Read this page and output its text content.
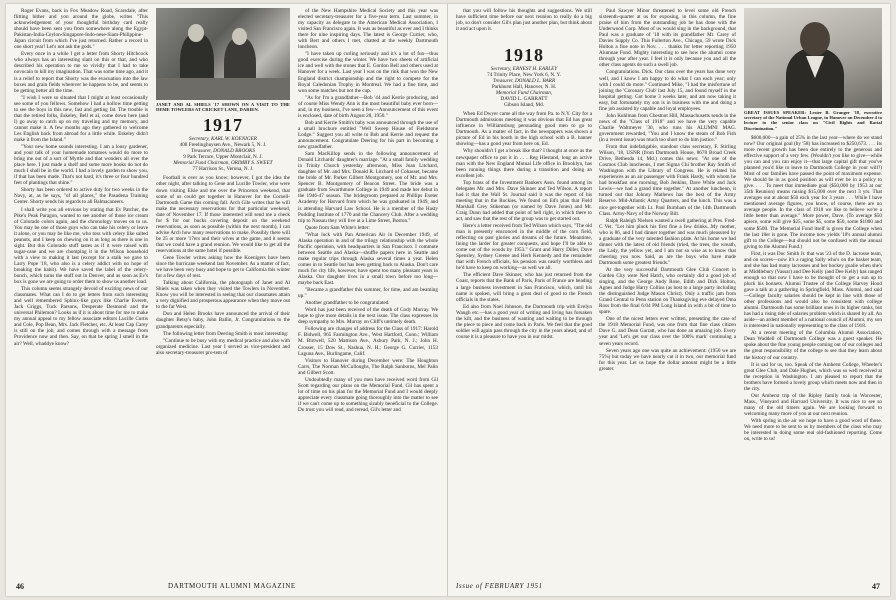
Roger Evans, back in Fox Meadow Road, Scarsdale, after flitting hither and yon around the globe, writes "This acknowledgement of your thoughtful birthday card really should have been sent you from somewhere along the Egypt-Pakistan-India-Ceylon-Singapore-Indo-nese-Siam-Philippine-Japan circuit from which I've just returned. Rather a record in one short year! Let's not ask the gods."

Every once in a while I get a letter from Shorty Hitchcock who always has an interesting slant on this or that, and who described his operation to me so vividly that I had to take novocain to kill my imagination. That was some time ago, and it is a relief to report that Shorty was the evacuation into the law boxes and grain fields wherever he happens to be, and seems to be getting better all the time.

"I wish I were so situated that I might at least occasionally see some of you fellows. Somehow I had a hollow time getting to see the boys in this new, fast and getting fat. The trouble is that the retired folks, Eskeley, Bell et al, come down here (and I) go away to catch up on my traveling and my memory, and cannot make it. A few months ago they gathered to welcome Les English back from abroad for a little while. Eskeley didn't make it from the Island."

"Your new home sounds interesting. I am a lousy gardener, and your talk of your homemade tomatoes would do more to bring me out of a sort of Myrtle and that wonders all over the place here. I just made a shelf and some more books do not do much I shall be in the world. I had a lovely garden to show you, if that has been made. That's not hard, it's three or four hundred feet of plantings that shine."

Shorty has been ordered to active duty for two weeks in the Navy, at, as he says, "of all places," the Pasadena Training Center. Shorty sends his regards to all Balmacaneers.

I shall write you all envious by stating that Ev Patcher, the Pike's Peak Paragon, wanted to see another of those ice cream of Colorado colors again, and the chronology moves on to us. You may be one of those guys who can take his celery or leave it alone, or you may be like me, who toss with celery like salted peanuts, and I keep on chewing on it as long as there is one in sight. But this Colorado stuff tastes as if it were raised with sugar-cane and we are chomping it in the Wilson household with a view to making it last (except for a stalk we gave to Larry Pope '18, who also is a celery addict with no hope of breaking the habit). We have saved the label of the celery-bunch, which turns the stuff out in Denver, and as soon as Ev's box is gone we are going to order them to show us another load.

This column seems strangely devoid of exciting news of our classmates. What can I do to get letters from such interesting and well remembered Sphinx-like guys like Charlie Everett, Jack Griggs, Tuck Parsons, Desperate Desmond and the universal Philemon? Looks as if it is about time for me to make my annual appeal to my fellow associate editors Lucille Curtis and Cole, Pop Bean, Mrs. Jack Fletcher, etc. At least Cap Carey is still on the job, and comes through with a message from Providence now and then. Say, on that be spring I smell in the air? Well, whaddye know?

JANET AND AL SHIELS '17 SHOWN ON A VISIT TO THE DEME TOWLERS AT CRICKET LANE, DARIEN.
1917
Secretary, KARL W. KOENIGER
408 Freelinghuysen Ave., Newark 5, N. J.
Treasurer, DONALD BROOKS
9 Park Terrace, Upper Montclair, N. J.
Memorial Fund Chairman, ORIMBY S. SWEET
77 Harrison St., Verona, N. J.

Football is over as you know; however, I got the idea the other night, after talking to Gene and Lucille Towler, who were down visiting Elsie and me over the Princeton weekend, that some of us could get together in Hanover for the Cornell-Dartmouth Game this coming fall. Arch Gile writes that he will make the necessary reservations for that particular weekend, date of November 17. If those interested will send me a check for $ for our bucks covering deposit on the weekend reservations, as soon as possible (within the next month), I can advise Arch how many reservations to make. Possibly there will be 25 or more '17ers and their wives at the game, and it seems that we could have a grand reunion. We would like to get all the reservations at the same hotel if possible.

Gene Towler writes asking how the Koenigers have been since the hurricane weekend last November. As a matter of fact, we have been very busy and hope to get to California this winter for a few days of rest.

Talking about California, the photograph of Janet and Al Shiels was taken when they visited the Towlers in November. Know you will be interested in seeing that our classmates attain a very dignified and prosperous appearance when they move out to the far West.

Don and Helen Brooks have announced the arrival of their daughter Betsy's baby, John Ballin, Jr. Congratulations to the grandparents especially.

The following letter from Deering Smith is most interesting:

"Continue to be busy with my medical practice and also with organized medicine. Last year I served as vice-president and also secretary-treasurer pro-tem of

of the New Hampshire Medical Society and this year was elected secretary-treasurer for a five-year term. Last summer, in my capacity as delegate to the American Medical Association, I visited San Francisco again. It was as beautiful as ever and I thinks there for nine inspiring days. The latest is George Currier, who, with Bert and others I met, chatted at the weekly Dartmouth luncheon.

"I have taken up curling seriously and it's a lot of fun—thus good exercise during the winter. We have two sheets of artificial ice and well with the stones that E. Gordon Bell and others used at Hanover for a week. Last year I was on the rink that won the New England district championship and the right to compete for the Royal Caledonian Trophy in Montreal. We had a fine time, and won some matches but not the cup.

"As for I'm a grandfather—Bob '44 and Kerrie producing, and of course Miss Wendy Ann is the most beautiful baby ever born—and, in my business, I've seen a few—Announcement of this event is enclosed, date of birth August 28, 1950."

Bob and Kerrie Smith's baby was announced through the use of a small brochure entitled "Well Sweep House of Fieldstone Lodge." Suggest you all write to Bob and Kerrie and request the announcement. Congratulate Deering for his part in becoming a new grandfather.

Sam MacKillop sends in the following announcement of Donald Litchards' daughter's marriage. "At a small family wedding in Trinity Church yesterday afternoon, Miss Joan Litchard, daughter of Mr. and Mrs. Donald R. Litchard of Cohasset, became the bride of Mr. Parker Gilbert Montgomery, son of Mr. and Mrs. Spencer B. Montgomery of Beacon Street. The bride was a graduate from Swarthmore College in 1949 and made her debut in the 1946-47 season. The bridegroom prepared at Phillips Exeter Academy for Harvard from which he was graduated in 1949, and is attending Harvard Law School. He is a member of the Hasty Pudding Institute of 1770 and the Chancery Club. After a wedding trip to Nassau they will live at a Lime Street, Boston."

Quote from Sam White's letter:

"What luck with Pan American Air in December 1949, of Alaska operation in and of the trilogy relationship with the whole Pacific operation, with headquarters in San Francisco. I commute between Seattle and Alaska—shuffle papers here in Seattle and make regular trips through Alaska several times a year. Helen comes in to Seattle but has been getting back to Alaska. Don't care much for city life, however, have spent too many pleasant years in Alaska. Our daughter lives in a small town before too long—maybe back East.

"Became a grandfather this summer, for time, and am beaming up."

Another grandfather to be congratulated.

Word has just been received of the death of Cody Murray. We hope to give more details in the next issue. The class expresses its deep sympathy to Mrs. Murray on Cliff's untimely death.

Following are changes of address for the Class of 1917: Harold F. Bidwell, 965 Farmington Ave., West Hartford, Conn.; William M. Birtwell, 520 Mattison Ave., Asbury Park, N. J.; John H. Crosser, 15 Dow St., Nashua, N. H.; George G. Currier, 1153 Laguna Ave., Burlingame, Calif.

Visitors to Hanover during December were: The Houghton Carrs, The Norman McCulloughs, The Ralph Sanborns, Mel Palin and Gilbert Scott.

Undoubtedly many of you men have received word from Gil Scott regarding our plans on the Memorial Fund. Gil has spent a lot of time on his plan for the Memorial Fund and I would deeply appreciate every classmate going thoroughly into the matter to see if we can't come up to something sizably beneficial to the College. Do trust you will read, and reread, Gil's letter and

46	DARTMOUTH ALUMNI MAGAZINE

that you will follow his thoughts and suggestions. We still have sufficient time before our next reunion to really do a big job, so don't consider Gil's plan just another plan, but think about it and act upon it.

1918
Secretary, ERNEST H. EARLEY
74 Trinity Place, New York 6, N. Y.
Treasurer, DONALD L. BARR
Parkhurst Hall, Hanover, N. H.
Memorial Fund Chairman,
DAVID L. GARRATT
Gibson Island, Md.

When Ed Dwyer came all the way from Pa. to N.Y. City for a Dartmouth admissions meeting it was obvious that Ed has great influence in Williamsburg persuading good men to go to Dartmouth. As a matter of fact, in the newspapers was shown a picture of Ed in his booth in the high school with a B. banner showing—has a good year from here on, Ed.

Why shouldn't I get a break like that? I thought at once as the newspaper office to put it in . . . Reg Hiestand, long an active man with the New England Mutual Life office in Brooklyn, has been running things there during a transition and doing an excellent job.

Top brass of the Investment Bankers Assn. found among its delegates Mr. and Mrs. Dave Skinner and Ted Wilson. A report had it that the Wall St. Journal said it was the report of his meeting that in the Rockies. We found on Ed's plan that Field Marshall Grey Stikeman (or named by Dave Jones) and Mr. Craig Dunn had added that point of hell right, in which there to act, and saw that the rest of the group was to get started out.

Here's a letter received from Ted Wilson which says, "The old man is presently ensconced in the middle of the corn field, reflecting on past glories and dreams of the future. Meantime, lining the larder for greater conquests, and hope I'll be able to come out of the woods by 1953." Grant and Harry Diller, Dave Spensley, Sydney Greene and Herb Kennedy and the remainder that with French officials, his pension was nearly worthless and he'd have to keep on working—as well we all.

The efficient Dave Skinner, who has just returned from the Coast, reports that the Bank of Paris, Paris of France are heading a large business investment in San Francisco, which, until his name is spoken, will bring a great deal of good to the French officials in the states.

Ed also from Noel Johnson, the Dartmouth trip with Evelyn Waugh etc.—has a good year of writing and living has forsaken the kilt, and the business of wanting and waiting to be through the piece to piece and come back in Paris. We feel that the good soldier will again pass through the city in the years ahead, and of course it is a pleasure to have you in our midst.

Paul Sawyer Minor threatened to level some old French sixteenth-quarter at us for exposing, in this column, the fine praise of him from the outstanding job he has done with the Underwood Corp. Most of us would sing in the background, that Paul was a graduate of '18 with its grandfather Mr. Carey of Davies Supply Co. This Fullerton Ave., Chicago, 59 wrote Dick Holton a fine note in Nov. . . . thanks for letter reporting 1950 Alumnae Fund. Mighty interesting to see how the alumni come through year after year. I feel it is only because you and all the other class agents do such a swell job.

Congratulations. Dick. Our class over the years has done very well, and I know I am happy to do what I can each year; only with I could do more." Continued Mike, "I had the misfortune of joining the 'Coronary Club' last July 15, and found myself in the hospital getting. Got home 3 weeks later, and am now taking it easy, but fortunately my son is in business with me and doing a fine job assisted by capable and loyal employees.

John Kuhlman from Chestnut Hill, Massachusetts sends in the news of the "Class of 1918" and we have the very capable Charlie Waltmeyer '30, who runs his ALUMNI MAG. government rewarded, "You and I know the steam of Bob Fish (in a recent issue) was much too short to do him justice."

From that indefatigable, standout class secretary, F. Stirling Wilson, '18, USNR (from Dartmouth House, 8678 Broad Creek Drive, Bethesda 14, Md.) comes this news: "At one of the Cosmos Club luncheons, I met Sigma Chi brother Ray Smith of Washington with the Library of Congress. He is related his experiences as an air passenger with Frank Hardy, with whom he had breakfast one morning, Bob Jenkins, Dave White and Jack Lewis—we had a grand time together." At another luncheon, it turned out that Johnny Mathews has the best of the Army Reserve. Mid-Atlantic Army Quarters, and the lunch. This was a nice get-together with Lt. Paul Burnham of the 14th Dartmouth Class. Army-Navy of the Norway Bilt.

Ralph Raleigh Nielsen wanted a swell gathering at Pres. Fred-C Vet. "Let him pluck his first fine a few drinks...My mother, who is 86, and I had dinner together and was much pleasured by a graduate of the very talented fashion plate. At his home we had dinner with the latest of old friends (tried, the trees, the wreath, the Lady, the yellow yet, and I am not so wise as to know that cheering you now. Said, as are the boys who have made Dartmouth some greatest friends."

At the very successful Dartmouth Glee Club Concert in Garden City were Ned Hatch, who certainly did a good job of singing, and the George Andy Rose, Edith and Dick Holton, Agnes and Judge Harry Collins (as host to a large party including the distinguished Judge Mason Christ). Only a traffic jam from Grand Central to Penn station on Thanksgiving eve delayed Oma Ross from the final 6:04 PM Long Island in with a bit of time to spare.

One of the nicest letters ever written, presenting the case of the 1918 Memorial Fund, was one from that fine class citizen Dave G. and Dean Garratt, who has done an amazing job. Every year and 'Let's get our class over the 100% mark' continuing a seven years record.

Seven years ago one was quite an achievement: (1950 we are 75%) but today we have nearly cut it in two, our memorial fund for this year. Let us hope the dollar amount might be a little greater.

GREAT ISSUES SPEAKER: Lester B. Granger '18, executive secretary of the National Urban League, in Hanover on December 4 to lecture to the senior class on "Civil Rights and Racial Discrimination."

$600,000—a gain of 25% in the last year—where do we stand now? Our original goal (by '58) has increased to $250,673. . . . Its more recent growth has been due entirely to the generous and effective support of a very few. (Wouldn't you like to give—while you can and you can enjoy it—that large capital gift that you've planned you'd like to leave to Dartmouth College in your will?) Most of our families have passed the point of maximum expense. We should be in as good position as will ever be in a policy to give. . . . To meet that immediate goal ($50,000 by 1953 at our 35th Reunion) means raising $15,000 over the next 3 yrs. That averages out at about $50 each year for 3 years . . . While I have mentioned average figures, you know, of course, there are no average people. In the class of 1918 we like to believe we're a little better than average." More power, Dave. (To average $50 apiece, some will give $25, some $5, some $50, some $1000 and some $500. The Memorial Fund itself is given the College when the last 18er is gone. The income now yields '18's annual alumni gift to the College—but should not be confused with the annual giving to the Alumni Fund.)

First, it was Doc Smith Jr. that was '23 of the D. lacrosse team, and on scores—now it's a raging Sally who's on the basket team, and she has had many lacrosses and her hockey goalie when she's at Middlebury (Vassar) and Dee Kelly (and Dee Kelly) has ranged enough so that now I have to be thought of to get a sun up to pluck his bonnets. Alumni Trustee of the College Harvey Hood gave a talk at a gathering in Springfield, Mass. Alumni, and said—College faculty salaries should be kept in line with those of other professions and would also be consistent with college alumni. Dartmouth has some brilliant ones in its higher ranks, but has had a rising tide of salaries problem which is shared by all. An aside—an ardent member of a national council of Alumni, my son is interested in nationally representing to the class of 1918.

At a recent meeting of the Columbia Alumni Association, Dean Waddell of Dartmouth College was a guest speaker. He spoke about the fine young people coming out of our colleges and the great responsibility of the college to see that they learn about the history of our country.

It is sad for us, too. Speak of the Amherst College, Wheeler's great Glee Club, and Dale Hughes, which was so well received at the reception in Washington. I am pleased to report that the brothers have formed a lovely group which meets now and then in the city.

Our Amherst trip of the Ripley family took in Worcester, Mass., Vineyard and Harvard University. It was nice to see so many of the old timers again. We are looking forward to welcoming many more of you at our next reunion.

With spring in the air we hope to have a good word of those. We need more to be sent to us by members of the class who may be interested in doing some real old-fashioned reporting. Come on, write to us!

Issue of FEBRUARY 1951	47
